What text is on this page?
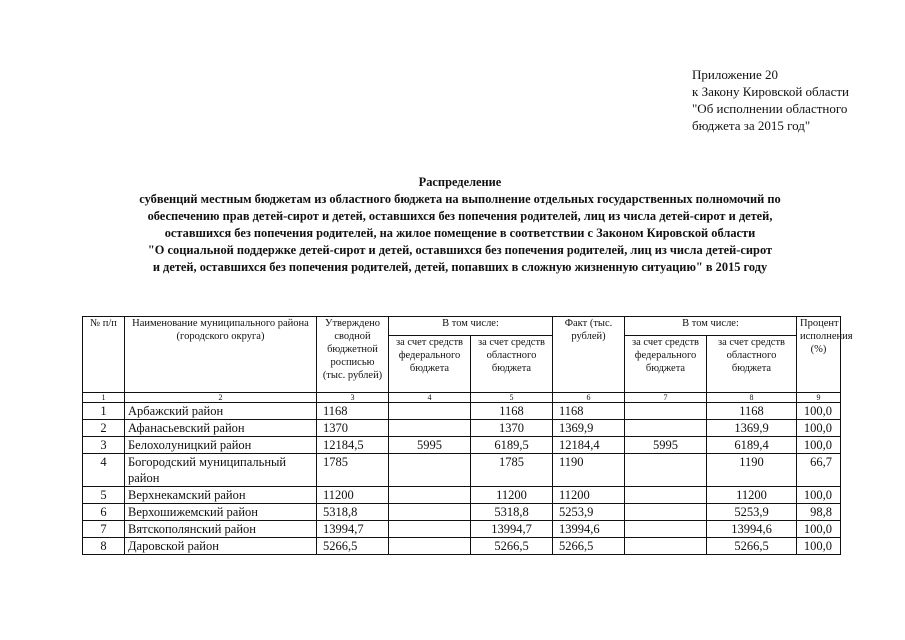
Приложение 20
к Закону Кировской области
"Об исполнении областного
бюджета за 2015 год"
Распределение
субвенций местным бюджетам из областного бюджета на выполнение отдельных государственных полномочий по
обеспечению прав детей-сирот и детей, оставшихся без попечения родителей, лиц из числа детей-сирот и детей,
оставшихся без попечения родителей, на жилое помещение в соответствии с Законом Кировской области
"О социальной поддержке детей-сирот и детей, оставшихся без попечения родителей, лиц из числа детей-сирот
и детей, оставшихся без попечения родителей, детей, попавших в сложную жизненную ситуацию" в 2015 году
№ п/п	Наименование муниципального района (городского округа)	Утверждено сводной бюджетной росписью (тыс. рублей)	В том числе:		Факт (тыс. рублей)	В том числе:		Процент исполнения (%)
			за счет средств федерального бюджета	за счет средств областного бюджета		за счет средств федерального бюджета	за счет средств областного бюджета	
1	2	3	4	5	6	7	8	9
1	Арбажский район	1168		1168	1168		1168	100,0
2	Афанасьевский район	1370		1370	1369,9		1369,9	100,0
3	Белохолуницкий район	12184,5	5995	6189,5	12184,4	5995	6189,4	100,0
4	Богородский муниципальный район	1785		1785	1190		1190	66,7
5	Верхнекамский район	11200		11200	11200		11200	100,0
6	Верхошижемский район	5318,8		5318,8	5253,9		5253,9	98,8
7	Вятскополянский район	13994,7		13994,7	13994,6		13994,6	100,0
8	Даровской район	5266,5		5266,5	5266,5		5266,5	100,0
